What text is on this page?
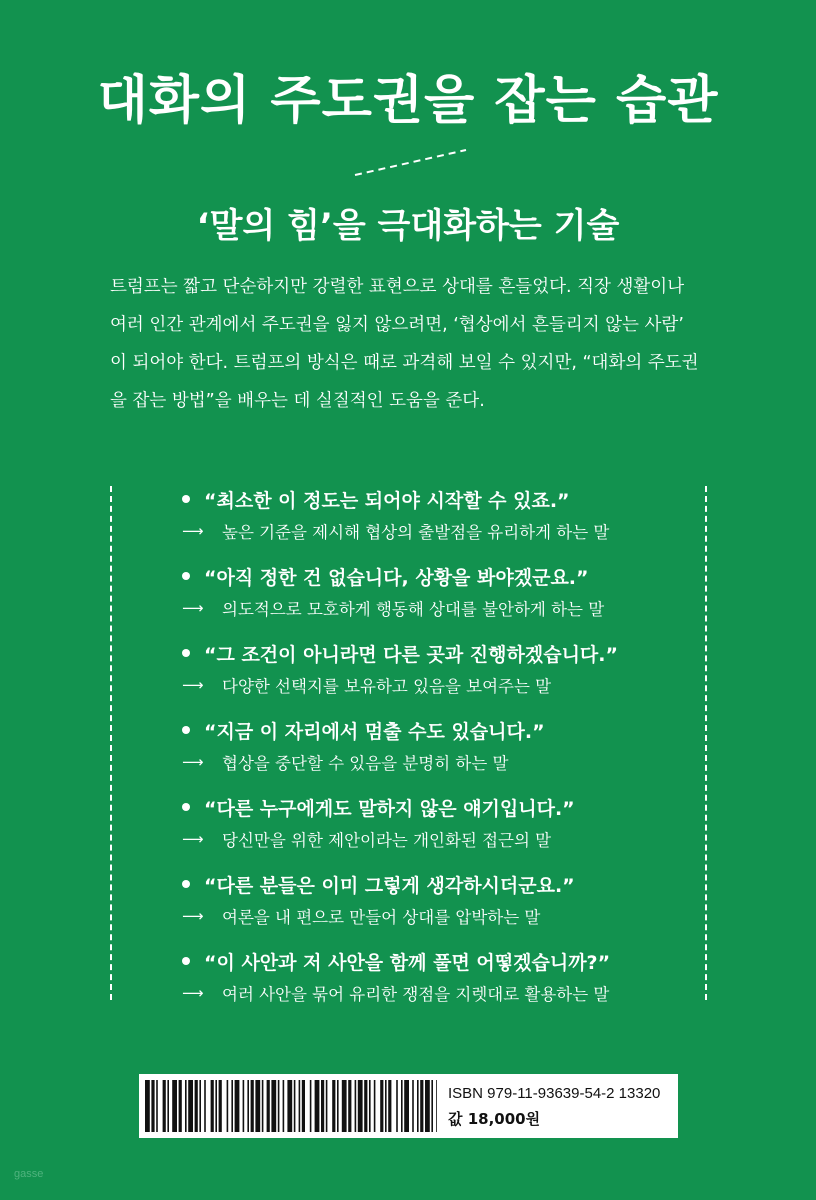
대화의 주도권을 잡는 습관
‘말의 힘’을 극대화하는 기술

트럼프는 짧고 단순하지만 강렬한 표현으로 상대를 흔들었다. 직장 생활이나

여러 인간 관계에서 주도권을 잃지 않으려면, ‘협상에서 흔들리지 않는 사람’

이 되어야 한다. 트럼프의 방식은 때로 과격해 보일 수 있지만, “대화의 주도권

을 잡는 방법”을 배우는 데 실질적인 도움을 준다.

“최소한 이 정도는 되어야 시작할 수 있죠.”
⟶ 높은 기준을 제시해 협상의 출발점을 유리하게 하는 말
“아직 정한 건 없습니다, 상황을 봐야겠군요.”
⟶ 의도적으로 모호하게 행동해 상대를 불안하게 하는 말
“그 조건이 아니라면 다른 곳과 진행하겠습니다.”
⟶ 다양한 선택지를 보유하고 있음을 보여주는 말
“지금 이 자리에서 멈출 수도 있습니다.”
⟶ 협상을 중단할 수 있음을 분명히 하는 말
“다른 누구에게도 말하지 않은 얘기입니다.”
⟶ 당신만을 위한 제안이라는 개인화된 접근의 말
“다른 분들은 이미 그렇게 생각하시더군요.”
⟶ 여론을 내 편으로 만들어 상대를 압박하는 말
“이 사안과 저 사안을 함께 풀면 어떻겠습니까?”
⟶ 여러 사안을 묶어 유리한 쟁점을 지렛대로 활용하는 말
ISBN 979-11-93639-54-2 13320
값 18,000원
gasse
